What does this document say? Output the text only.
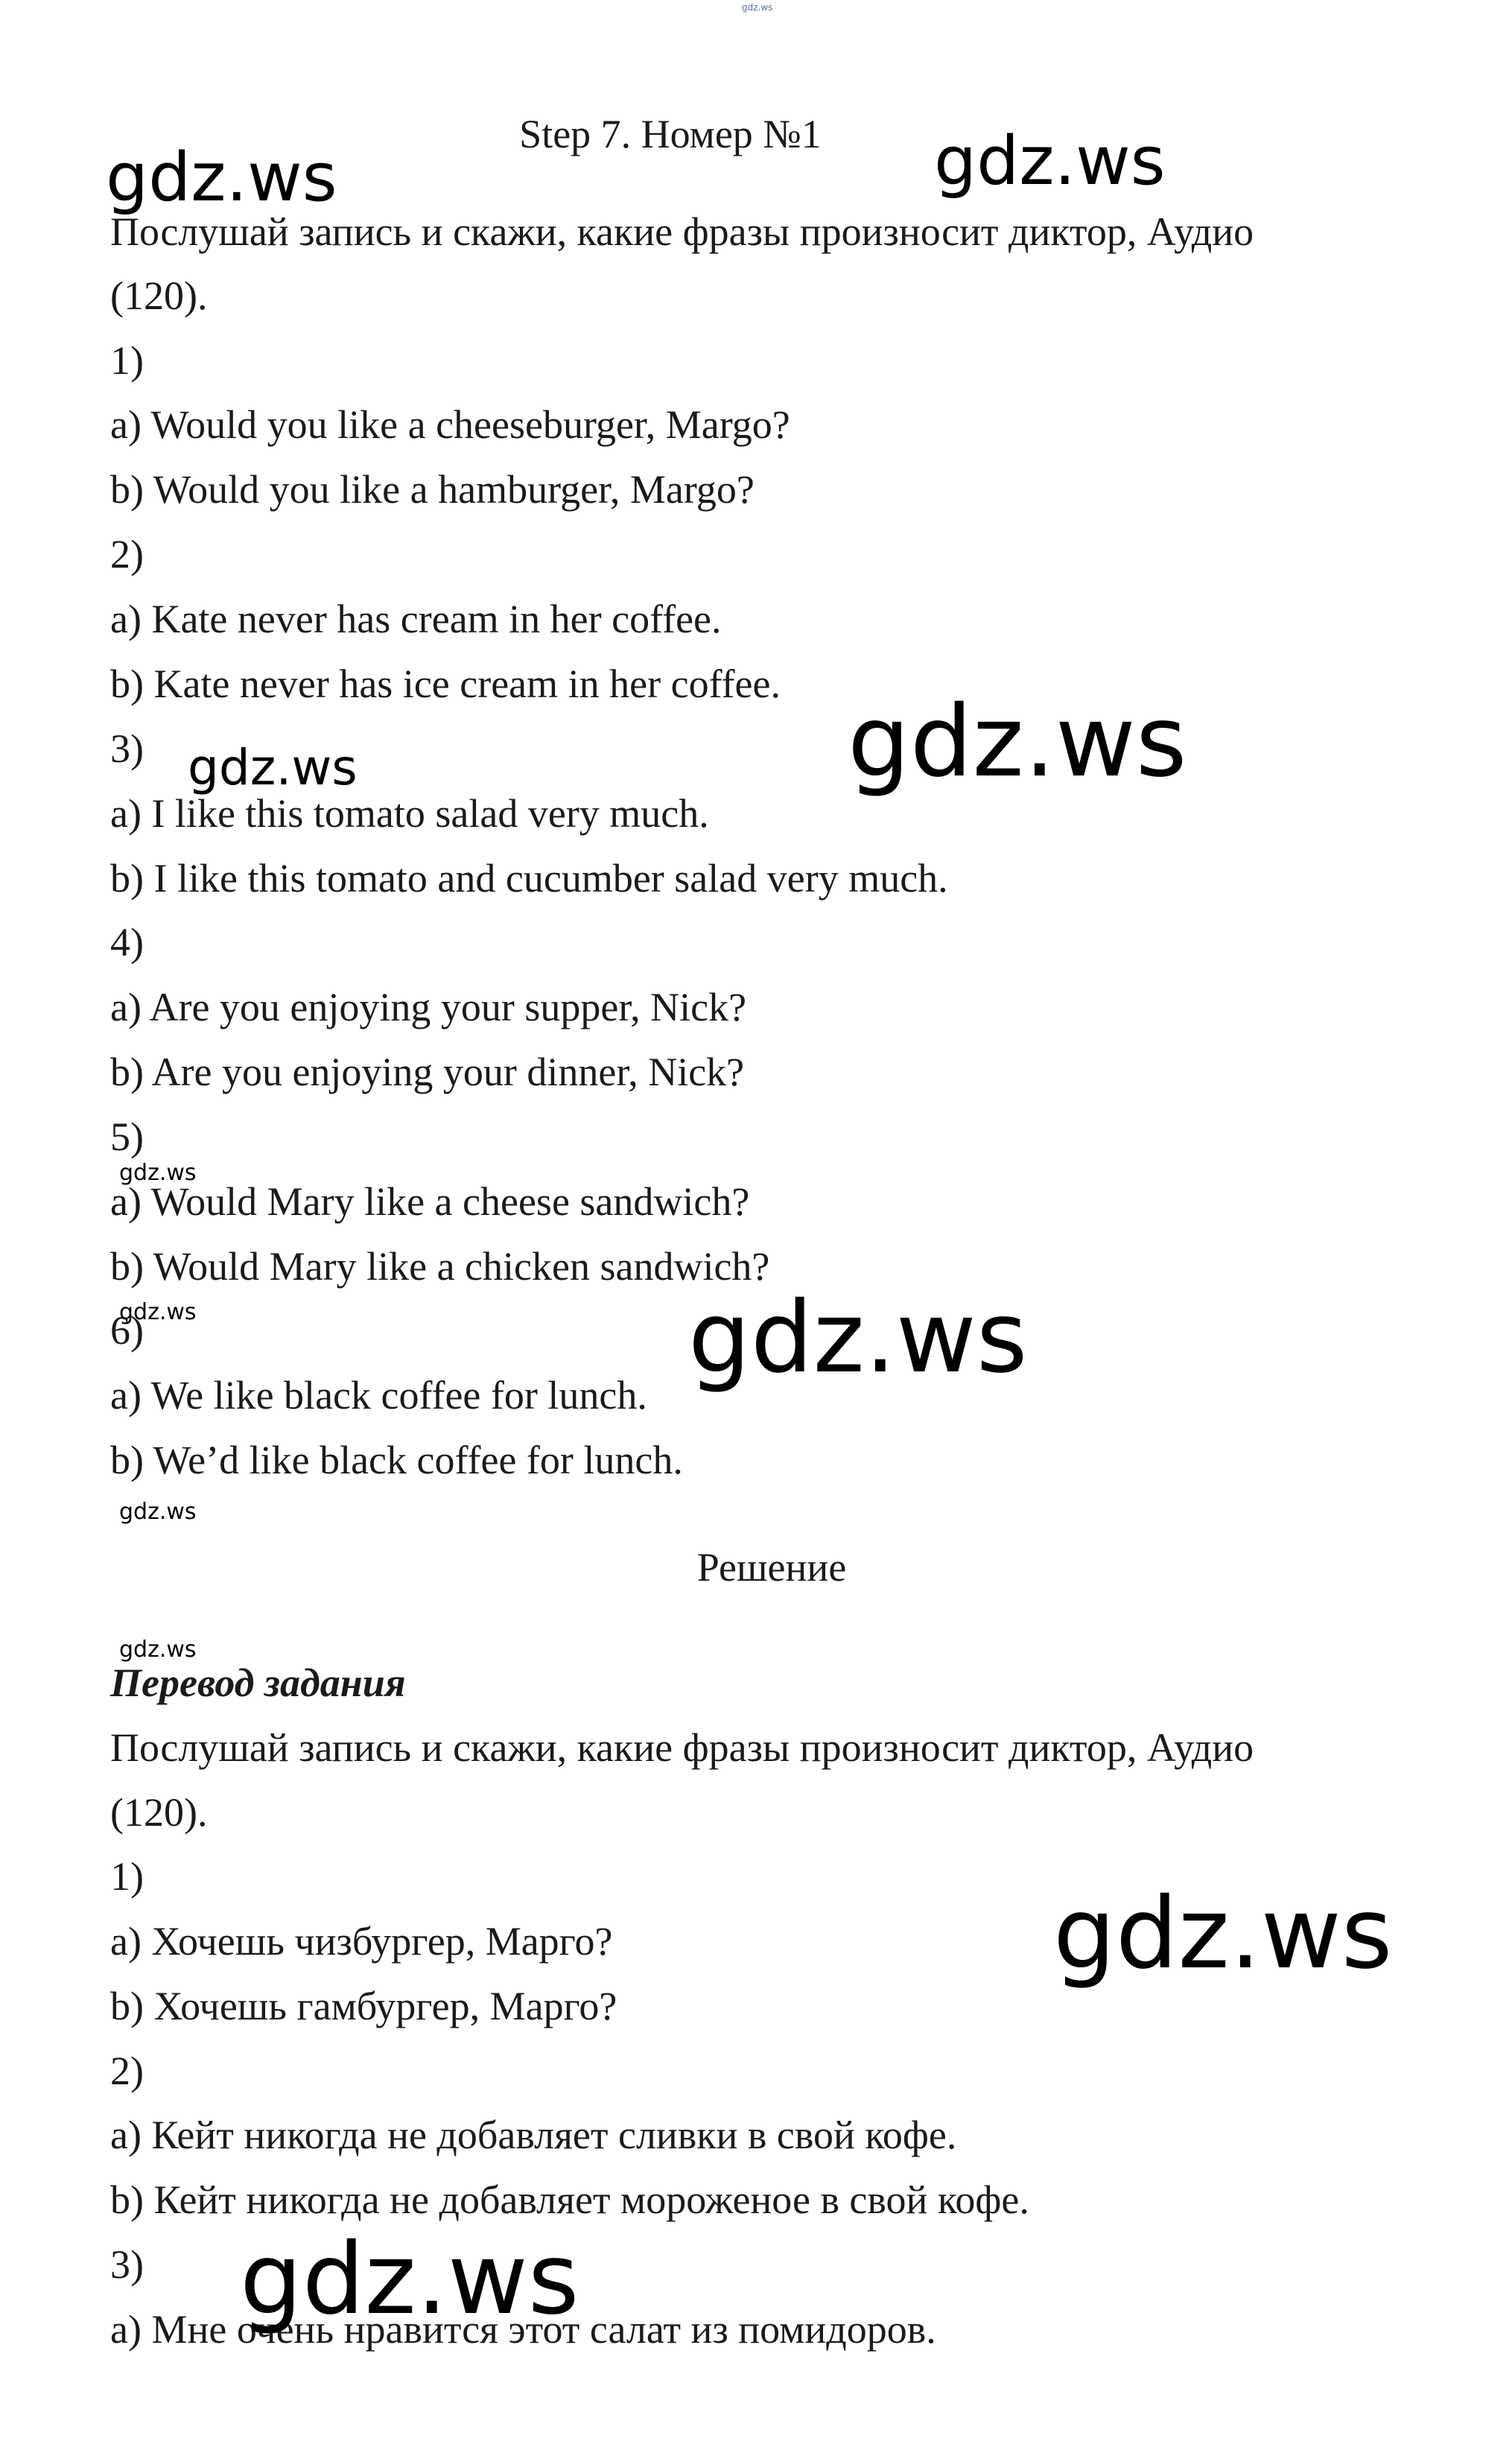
Step 7. Номер №1
Послушай запись и скажи, какие фразы произносит диктор, Аудио
(120).
1)
a) Would you like a cheeseburger, Margo?
b) Would you like a hamburger, Margo?
2)
a) Kate never has cream in her coffee.
b) Kate never has ice cream in her coffee.
3)
a) I like this tomato salad very much.
b) I like this tomato and cucumber salad very much.
4)
a) Are you enjoying your supper, Nick?
b) Are you enjoying your dinner, Nick?
5)
a) Would Mary like a cheese sandwich?
b) Would Mary like a chicken sandwich?
6)
a) We like black coffee for lunch.
b) We’d like black coffee for lunch.
Решение
Перевод задания
Послушай запись и скажи, какие фразы произносит диктор, Аудио
(120).
1)
a) Хочешь чизбургер, Марго?
b) Хочешь гамбургер, Марго?
2)
a) Кейт никогда не добавляет сливки в свой кофе.
b) Кейт никогда не добавляет мороженое в свой кофе.
3)
a) Мне очень нравится этот салат из помидоров.
gdz.ws
gdz.ws	gdz.ws
gdz.ws	gdz.ws
gdz.ws
gdz.ws	gdz.ws
gdz.ws
gdz.ws
gdz.ws
gdz.ws
